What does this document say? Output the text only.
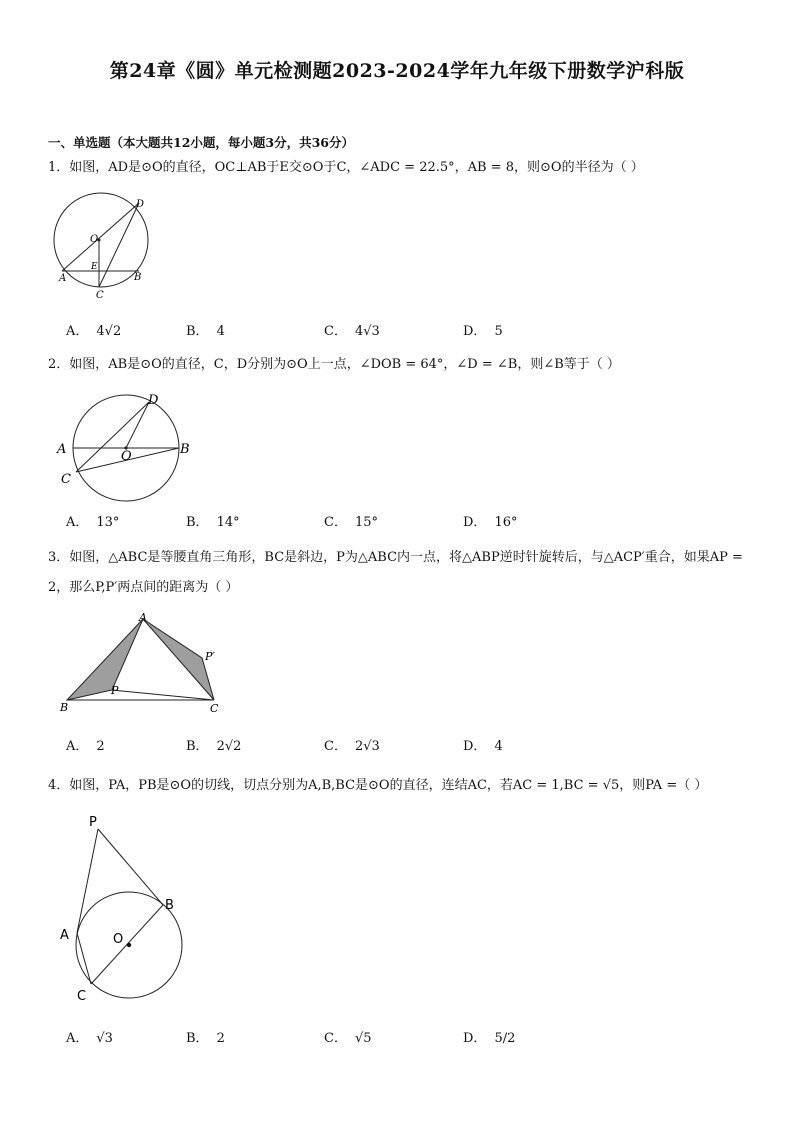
第24章《圆》单元检测题2023-2024学年九年级下册数学沪科版
一、单选题（本大题共12小题，每小题3分，共36分）
1．如图，AD是⊙O的直径，OC⊥AB于E交⊙O于C，∠ADC = 22.5°，AB = 8，则⊙O的半径为（ ）
D
O
E
A	B
C
A． 4√2	B． 4	C． 4√3	D． 5
2．如图，AB是⊙O的直径，C，D分别为⊙O上一点，∠DOB = 64°，∠D = ∠B，则∠B等于（ ）
D
A	B
O
C
A． 13°	B． 14°	C． 15°	D． 16°
3．如图，△ABC是等腰直角三角形，BC是斜边，P为△ABC内一点，将△ABP逆时针旋转后，与△ACP′重合，如果AP = 2，那么P,P′两点间的距离为（ ）
A
P′
P
B	C
A． 2	B． 2√2	C． 2√3	D． 4
4．如图，PA，PB是⊙O的切线，切点分别为A,B,BC是⊙O的直径，连结AC，若AC = 1,BC = √5，则PA =（ ）
P
B
O
A
C
A． √3	B． 2	C． √5	D． 5/2
